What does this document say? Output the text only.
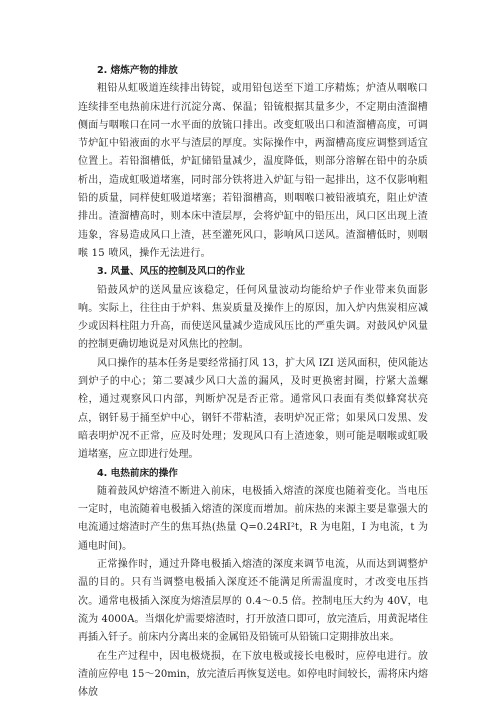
2. 熔炼产物的排放

粗铅从虹吸道连续排出铸锭，或用铅包送至下道工序精炼；炉渣从咽喉口连续排至电热前床进行沉淀分离、保温；铅锍根据其量多少，不定期由渣溜槽侧面与咽喉口在同一水平面的放锍口排出。改变虹吸出口和渣溜槽高度，可调节炉缸中铅液面的水平与渣层的厚度。实际操作中，两溜槽高度应调整到适宜位置上。若铅溜槽低，炉缸储铅量减少，温度降低，则部分溶解在铅中的杂质析出，造成虹吸道堵塞，同时部分铁将进入炉缸与铅一起排出，这不仅影响粗铅的质量，同样使虹吸道堵塞；若铅溜槽高，则咽喉口被铅液填充，阻止炉渣排出。渣溜槽高时，则本床中渣层厚，会将炉缸中的铅压出，风口区出现上渣违象，容易造成风口上渣，甚至灌死风口，影响风口送风。渣溜槽低时，则咽喉 15 喷风，操作无法进行。

3. 风量、风压的控制及风口的作业

铅鼓风炉的送风量应该稳定，任何风量波动均能给炉子作业带来负面影响。实际上，往往由于炉料、焦炭质量及操作上的原因，加入炉内焦炭相应减少或因料柱阻力升高，而使送风量减少造成风压比的严重失调。对鼓风炉风量的控制更确切地说是对风焦比的控制。

风口操作的基本任务是要经常捅打风 13，扩大风 IZI 送风面积，使风能达到炉子的中心；第二要减少风口大盖的漏风，及时更换密封圈，拧紧大盖螺栓，通过观察风口内部，判断炉况是否正常。通常风口表面有类似蜂窝状亮点，钢钎易于捅至炉中心，钢钎不带粘渣，表明炉况正常；如果风口发黑、发暗表明炉况不正常，应及时处理；发现风口有上渣迹象，则可能是咽喉或虹吸道堵塞，应立即进行处理。

4. 电热前床的操作

随着鼓风炉熔渣不断进入前床，电极插入熔渣的深度也随着变化。当电压一定时，电流随着电极插入熔渣的深度而增加。前床热的来源主要是靠强大的电流通过熔渣时产生的焦耳热(热量 Q=0.24RI²t，R 为电阻，I 为电流，t 为通电时间)。

正常操作时，通过升降电极插入熔渣的深度来调节电流，从而达到调整炉温的目的。只有当调整电极插入深度还不能满足所需温度时，才改变电压挡次。通常电极插入深度为熔渣层厚的 0.4～0.5 倍。控制电压大约为 40V，电流为 4000A。当烟化炉需要熔渣时，打开放渣口即可，放完渣后，用黄泥堵住再插入钎子。前床内分离出来的金属铅及铅锍可从铅锍口定期排放出来。

在生产过程中，因电极烧损，在下放电极或接长电极时，应停电进行。放渣前应停电 15～20min，放完渣后再恢复送电。如停电时间较长，需将床内熔体放
